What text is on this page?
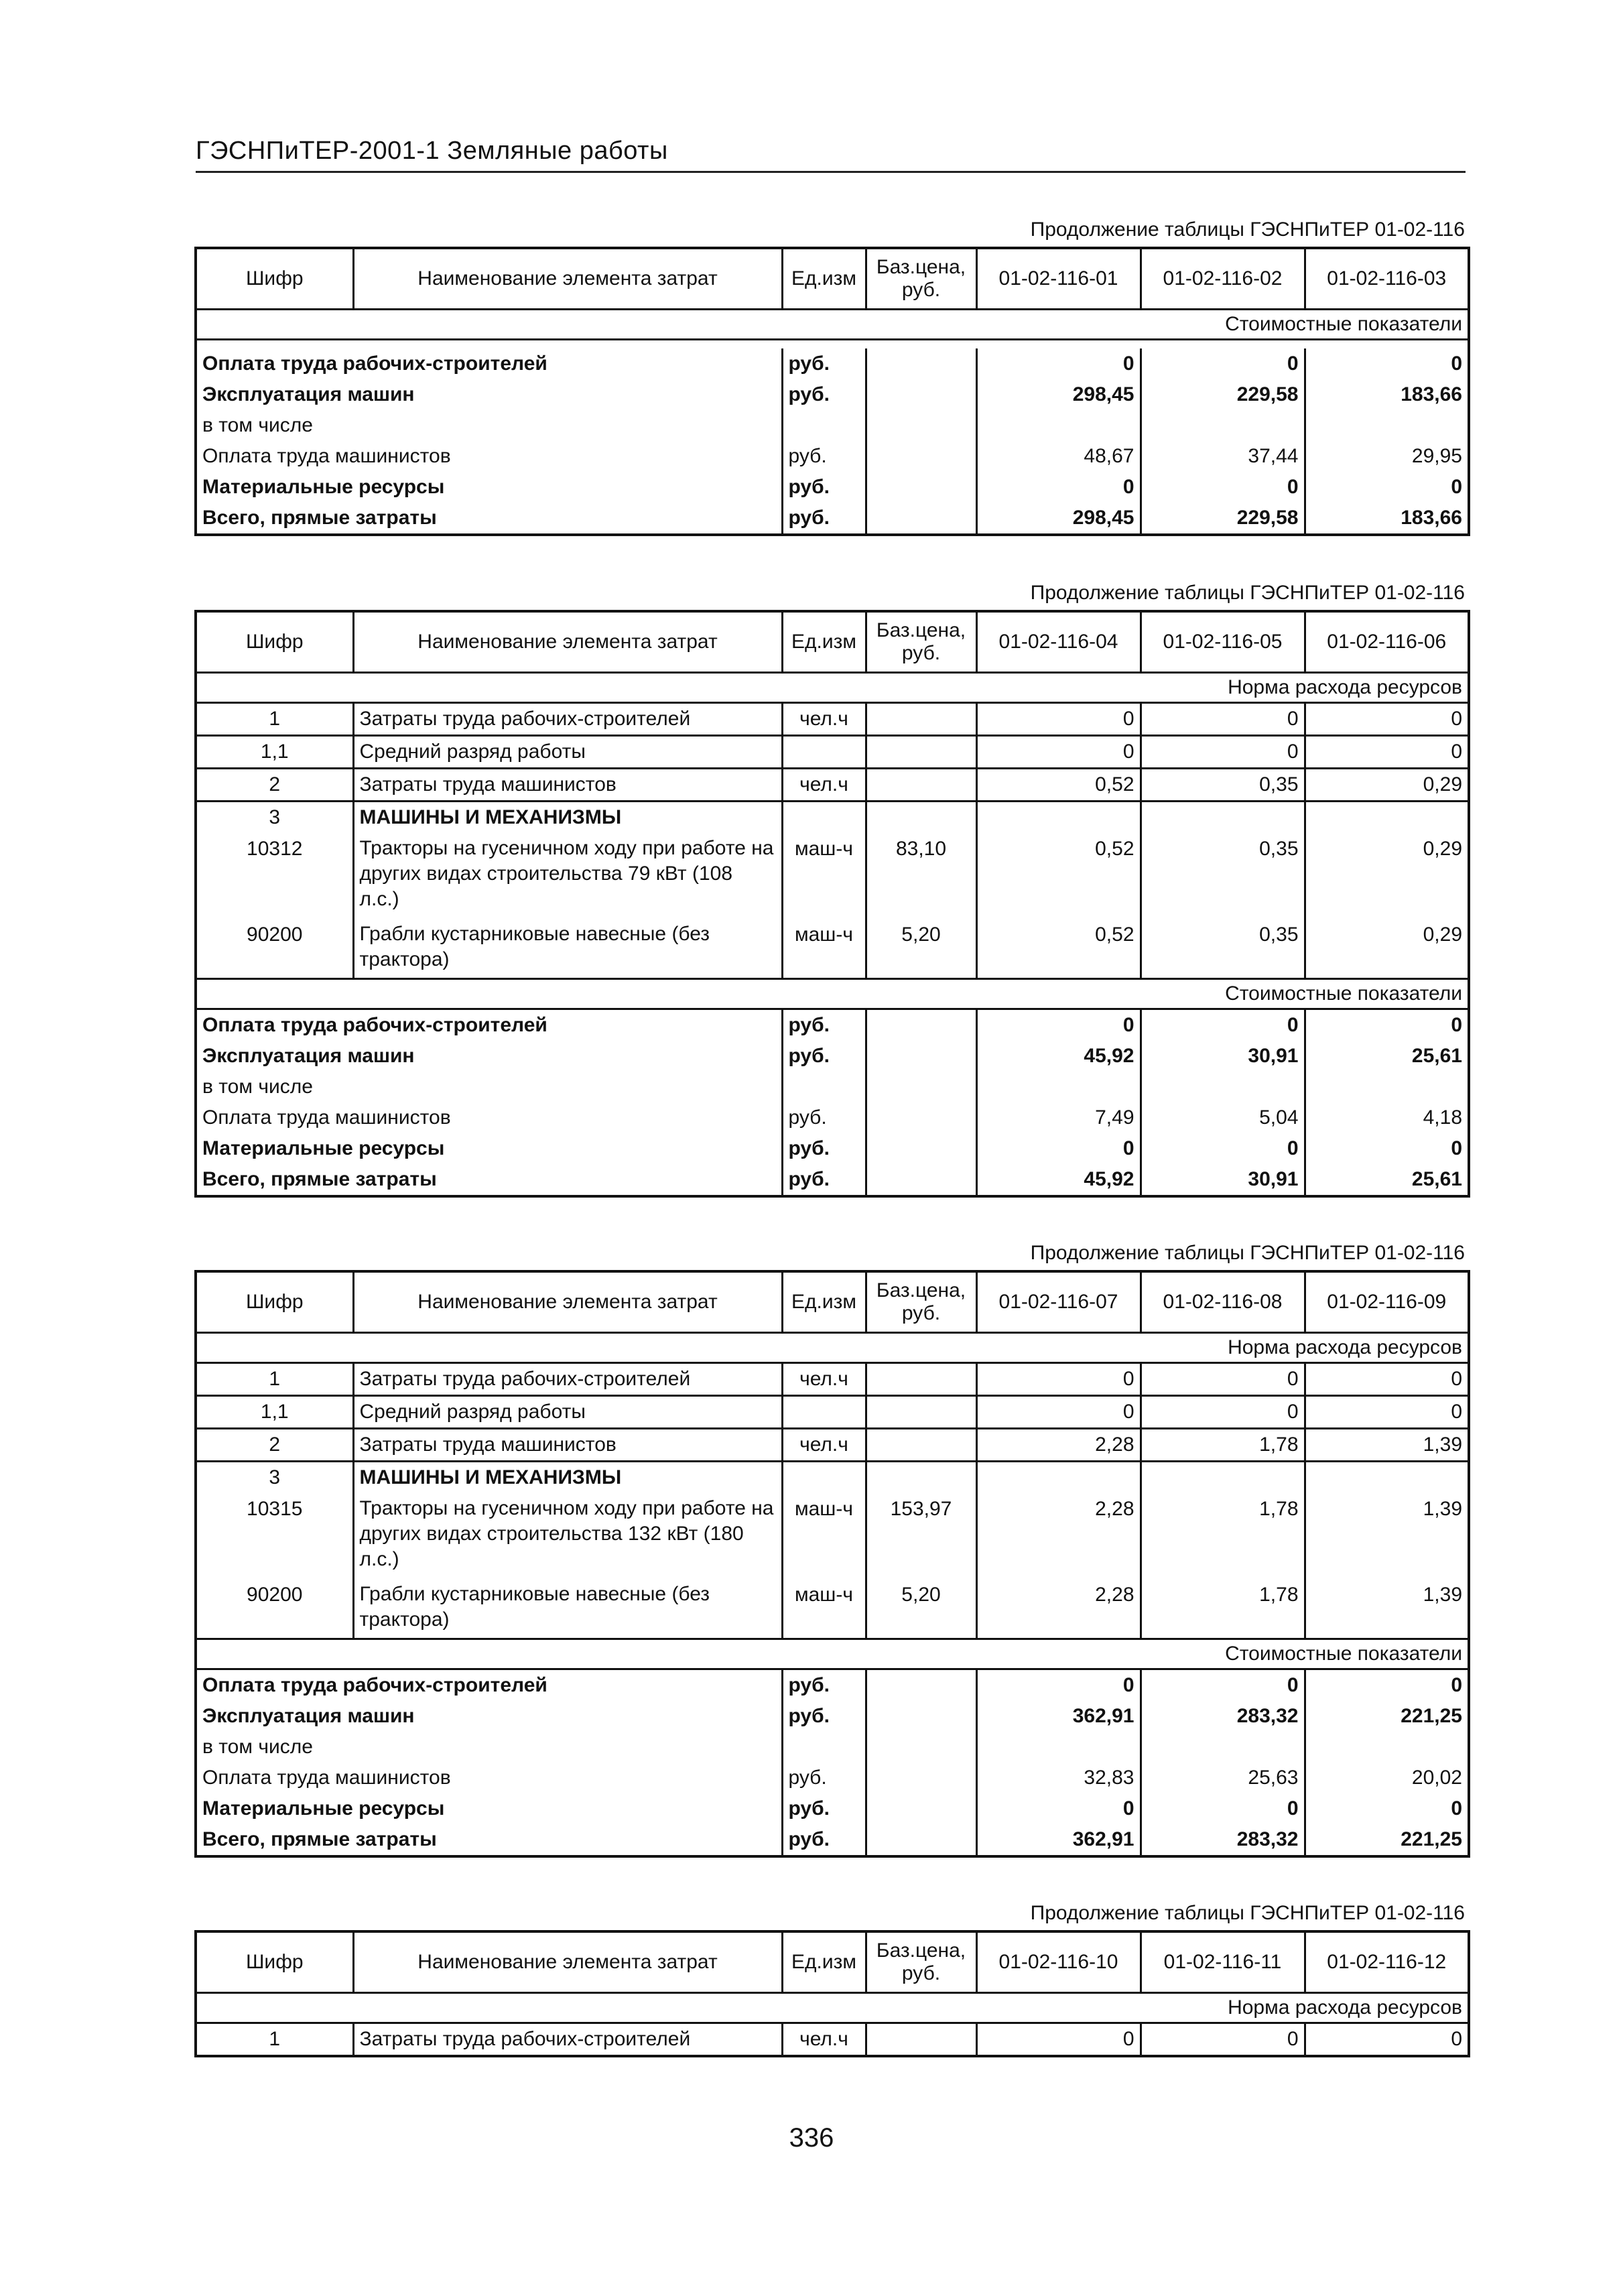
ГЭСНПиТЕР-2001-1 Земляные работы
Продолжение таблицы ГЭСНПиТЕР 01-02-116
Шифр	Наименование элемента затрат	Ед.изм	Баз.цена, руб.	01-02-116-01	01-02-116-02	01-02-116-03
Стоимостные показатели						

Оплата труда рабочих-строителей		руб.		0	0	0
Эксплуатация машин		руб.		298,45	229,58	183,66
в том числе						
Оплата труда машинистов		руб.		48,67	37,44	29,95
Материальные ресурсы		руб.		0	0	0
Всего, прямые затраты		руб.		298,45	229,58	183,66
Продолжение таблицы ГЭСНПиТЕР 01-02-116
Шифр	Наименование элемента затрат	Ед.изм	Баз.цена, руб.	01-02-116-04	01-02-116-05	01-02-116-06
Норма расхода ресурсов						
1	Затраты труда рабочих-строителей	чел.ч		0	0	0
1,1	Средний разряд работы			0	0	0
2	Затраты труда машинистов	чел.ч		0,52	0,35	0,29
3	МАШИНЫ И МЕХАНИЗМЫ					
10312	Тракторы на гусеничном ходу при работе на других видах строительства 79 кВт (108 л.с.)	маш-ч	83,10	0,52	0,35	0,29
90200	Грабли кустарниковые навесные (без трактора)	маш-ч	5,20	0,52	0,35	0,29
Стоимостные показатели						
Оплата труда рабочих-строителей		руб.		0	0	0
Эксплуатация машин		руб.		45,92	30,91	25,61
в том числе						
Оплата труда машинистов		руб.		7,49	5,04	4,18
Материальные ресурсы		руб.		0	0	0
Всего, прямые затраты		руб.		45,92	30,91	25,61
Продолжение таблицы ГЭСНПиТЕР 01-02-116
Шифр	Наименование элемента затрат	Ед.изм	Баз.цена, руб.	01-02-116-07	01-02-116-08	01-02-116-09
Норма расхода ресурсов						
1	Затраты труда рабочих-строителей	чел.ч		0	0	0
1,1	Средний разряд работы			0	0	0
2	Затраты труда машинистов	чел.ч		2,28	1,78	1,39
3	МАШИНЫ И МЕХАНИЗМЫ					
10315	Тракторы на гусеничном ходу при работе на других видах строительства 132 кВт (180 л.с.)	маш-ч	153,97	2,28	1,78	1,39
90200	Грабли кустарниковые навесные (без трактора)	маш-ч	5,20	2,28	1,78	1,39
Стоимостные показатели						
Оплата труда рабочих-строителей		руб.		0	0	0
Эксплуатация машин		руб.		362,91	283,32	221,25
в том числе						
Оплата труда машинистов		руб.		32,83	25,63	20,02
Материальные ресурсы		руб.		0	0	0
Всего, прямые затраты		руб.		362,91	283,32	221,25
Продолжение таблицы ГЭСНПиТЕР 01-02-116
Шифр	Наименование элемента затрат	Ед.изм	Баз.цена, руб.	01-02-116-10	01-02-116-11	01-02-116-12
Норма расхода ресурсов						
1	Затраты труда рабочих-строителей	чел.ч		0	0	0
336
